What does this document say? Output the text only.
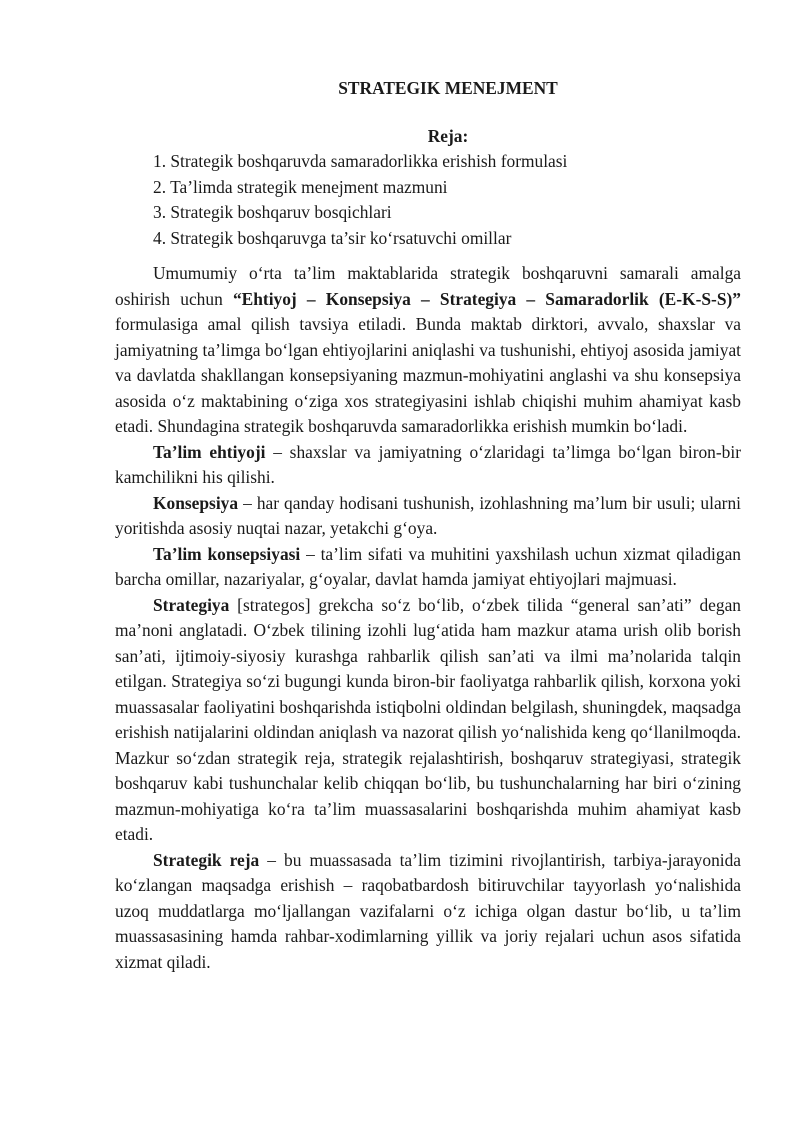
STRATEGIK MENEJMENT
Reja:
1. Strategik boshqaruvda samaradorlikka erishish formulasi
2. Ta’limda strategik menejment mazmuni
3. Strategik boshqaruv bosqichlari
4. Strategik boshqaruvga ta’sir ko‘rsatuvchi omillar

Umumumiy o‘rta ta’lim maktablarida strategik boshqaruvni samarali amalga oshirish uchun “Ehtiyoj – Konsepsiya – Strategiya – Samaradorlik (E-K-S-S)” formulasiga amal qilish tavsiya etiladi. Bunda maktab dirktori, avvalo, shaxslar va jamiyatning ta’limga bo‘lgan ehtiyojlarini aniqlashi va tushunishi, ehtiyoj asosida jamiyat va davlatda shakllangan konsepsiyaning mazmun-mohiyatini anglashi va shu konsepsiya asosida o‘z maktabining o‘ziga xos strategiyasini ishlab chiqishi muhim ahamiyat kasb etadi. Shundagina strategik boshqaruvda samaradorlikka erishish mumkin bo‘ladi.

Ta’lim ehtiyoji – shaxslar va jamiyatning o‘zlaridagi ta’limga bo‘lgan biron-bir kamchilikni his qilishi.

Konsepsiya – har qanday hodisani tushunish, izohlashning ma’lum bir usuli; ularni yoritishda asosiy nuqtai nazar, yetakchi g‘oya.

Ta’lim konsepsiyasi – ta’lim sifati va muhitini yaxshilash uchun xizmat qiladigan barcha omillar, nazariyalar, g‘oyalar, davlat hamda jamiyat ehtiyojlari majmuasi.

Strategiya [strategos] grekcha so‘z bo‘lib, o‘zbek tilida “general san’ati” degan ma’noni anglatadi. O‘zbek tilining izohli lug‘atida ham mazkur atama urish olib borish san’ati, ijtimoiy-siyosiy kurashga rahbarlik qilish san’ati va ilmi ma’nolarida talqin etilgan. Strategiya so‘zi bugungi kunda biron-bir faoliyatga rahbarlik qilish, korxona yoki muassasalar faoliyatini boshqarishda istiqbolni oldindan belgilash, shuningdek, maqsadga erishish natijalarini oldindan aniqlash va nazorat qilish yo‘nalishida keng qo‘llanilmoqda. Mazkur so‘zdan strategik reja, strategik rejalashtirish, boshqaruv strategiyasi, strategik boshqaruv kabi tushunchalar kelib chiqqan bo‘lib, bu tushunchalarning har biri o‘zining mazmun-mohiyatiga ko‘ra ta’lim muassasalarini boshqarishda muhim ahamiyat kasb etadi.

Strategik reja – bu muassasada ta’lim tizimini rivojlantirish, tarbiya-jarayonida ko‘zlangan maqsadga erishish – raqobatbardosh bitiruvchilar tayyorlash yo‘nalishida uzoq muddatlarga mo‘ljallangan vazifalarni o‘z ichiga olgan dastur bo‘lib, u ta’lim muassasasining hamda rahbar-xodimlarning yillik va joriy rejalari uchun asos sifatida xizmat qiladi.
